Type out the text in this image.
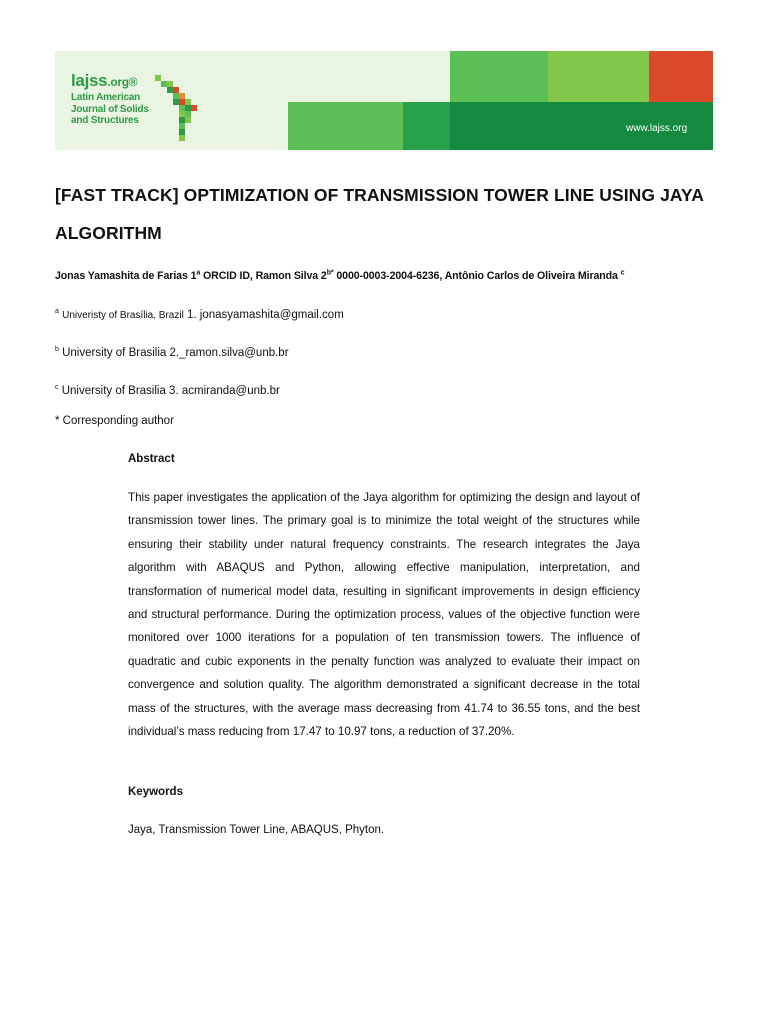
lajss.org®
Latin American Journal of Solids and Structures
www.lajss.org
[FAST TRACK] OPTIMIZATION OF TRANSMISSION TOWER LINE USING JAYA ALGORITHM
Jonas Yamashita de Farias 1$^a$ ORCID ID, Ramon Silva $2^{b*}$ 0000-0003-2004-6236, Antônio Carlos de Oliveira Miranda $^c$
$^a$ Univeristy of Brasília, Brazil 1. jonasyamashita@gmail.com
$^b$ University of Brasilia 2._ramon.silva@unb.br
$^c$ University of Brasilia 3. acmiranda@unb.br
* Corresponding author
Abstract
This paper investigates the application of the Jaya algorithm for optimizing the design and layout of transmission tower lines. The primary goal is to minimize the total weight of the structures while ensuring their stability under natural frequency constraints. The research integrates the Jaya algorithm with ABAQUS and Python, allowing effective manipulation, interpretation, and transformation of numerical model data, resulting in significant improvements in design efficiency and structural performance. During the optimization process, values of the objective function were monitored over 1000 iterations for a population of ten transmission towers. The influence of quadratic and cubic exponents in the penalty function was analyzed to evaluate their impact on convergence and solution quality. The algorithm demonstrated a significant decrease in the total mass of the structures, with the average mass decreasing from 41.74 to 36.55 tons, and the best individual’s mass reducing from 17.47 to 10.97 tons, a reduction of 37.20%.
Keywords
Jaya, Transmission Tower Line, ABAQUS, Phyton.
